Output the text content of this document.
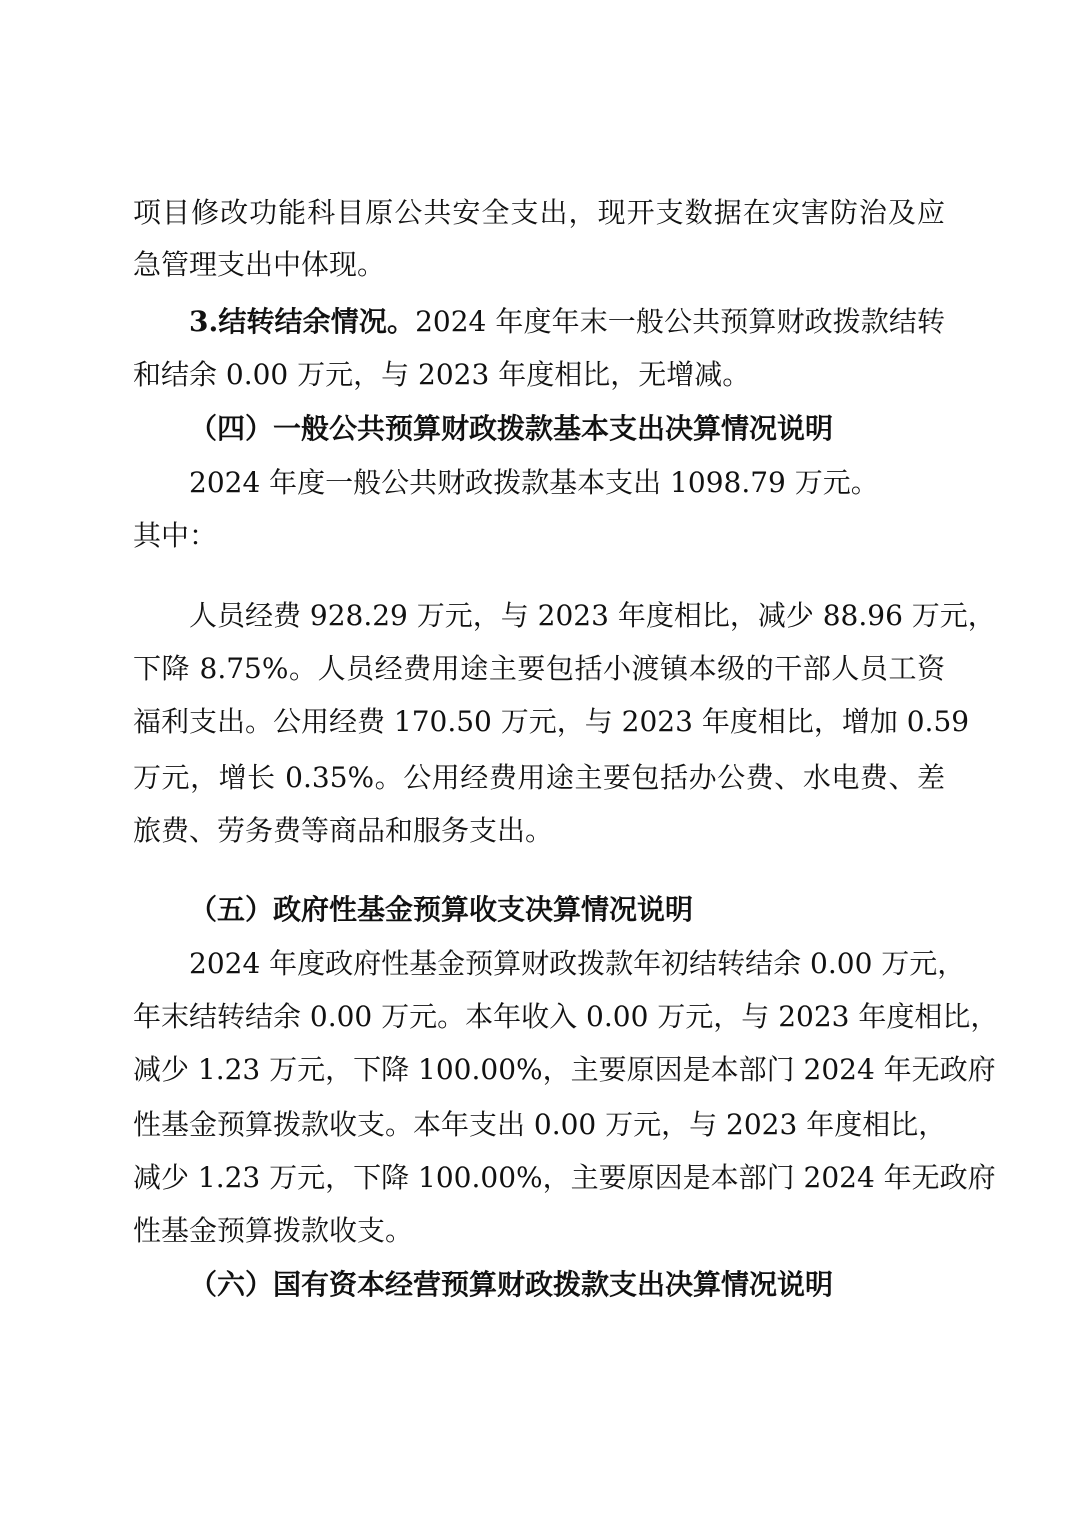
项目修改功能科目原公共安全支出，现开支数据在灾害防治及应
急管理支出中体现。
3.结转结余情况。2024 年度年末一般公共预算财政拨款结转
和结余 0.00 万元，与 2023 年度相比，无增减。
（四）一般公共预算财政拨款基本支出决算情况说明
2024 年度一般公共财政拨款基本支出 1098.79 万元。
其中：
人员经费 928.29 万元，与 2023 年度相比，减少 88.96 万元，
下降 8.75%。人员经费用途主要包括小渡镇本级的干部人员工资
福利支出。公用经费 170.50 万元，与 2023 年度相比，增加 0.59
万元，增长 0.35%。公用经费用途主要包括办公费、水电费、差
旅费、劳务费等商品和服务支出。
（五）政府性基金预算收支决算情况说明
2024 年度政府性基金预算财政拨款年初结转结余 0.00 万元，
年末结转结余 0.00 万元。本年收入 0.00 万元，与 2023 年度相比，
减少 1.23 万元，下降 100.00%，主要原因是本部门 2024 年无政府
性基金预算拨款收支。本年支出 0.00 万元，与 2023 年度相比，
减少 1.23 万元，下降 100.00%，主要原因是本部门 2024 年无政府
性基金预算拨款收支。
（六）国有资本经营预算财政拨款支出决算情况说明
